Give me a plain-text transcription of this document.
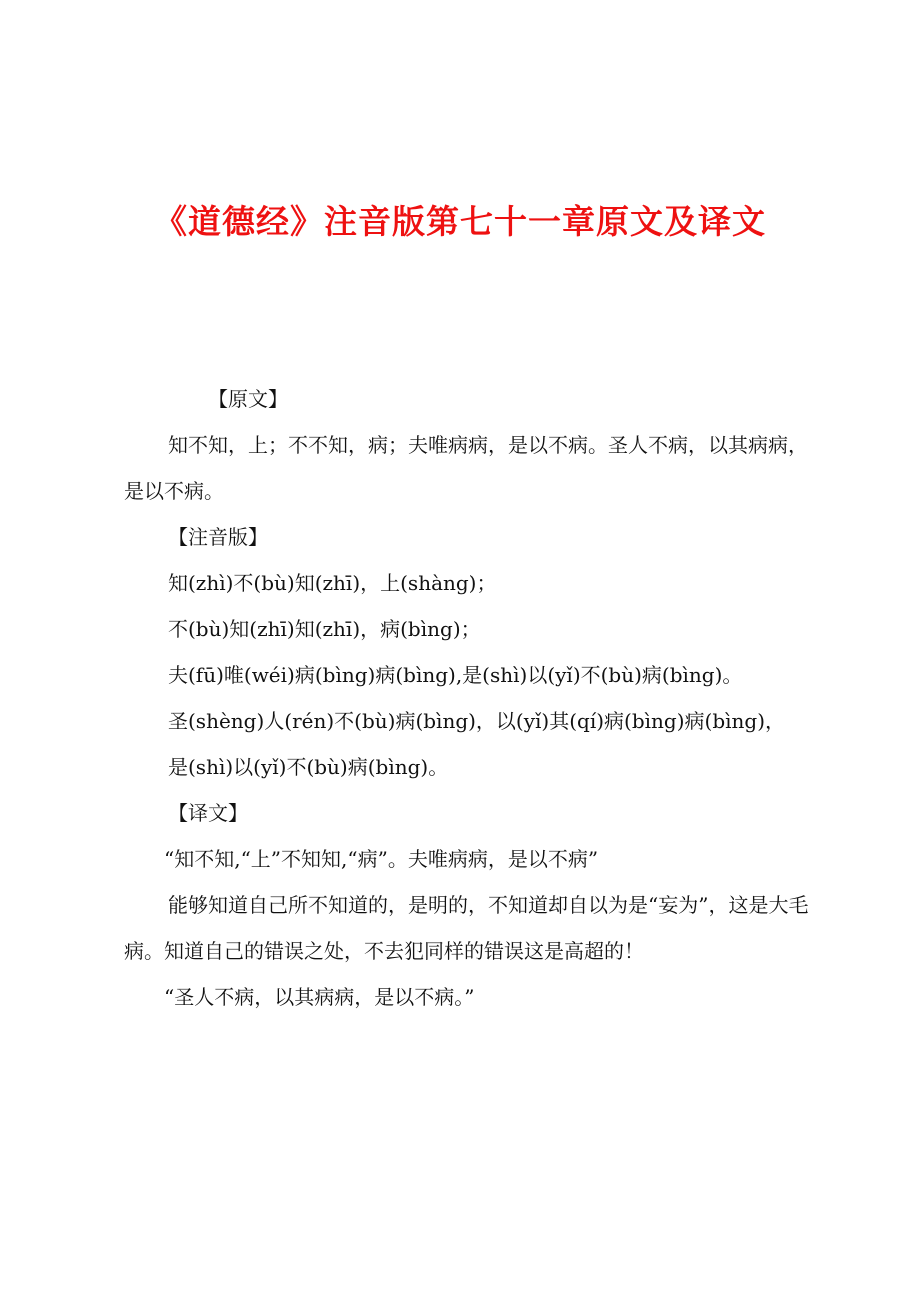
《道德经》注音版第七十一章原文及译文

【原文】

知不知，上；不不知，病；夫唯病病，是以不病。圣人不病，以其病病，是以不病。

【注音版】

知(zhì)不(bù)知(zhī)，上(shàng)；

不(bù)知(zhī)知(zhī)，病(bìng)；

夫(fū)唯(wéi)病(bìng)病(bìng),是(shì)以(yǐ)不(bù)病(bìng)。

圣(shèng)人(rén)不(bù)病(bìng)，以(yǐ)其(qí)病(bìng)病(bìng)，

是(shì)以(yǐ)不(bù)病(bìng)。

【译文】

“知不知,“上”不知知,“病”。夫唯病病，是以不病”

能够知道自己所不知道的，是明的，不知道却自以为是“妄为”，这是大毛病。知道自己的错误之处，不去犯同样的错误这是高超的！

“圣人不病，以其病病，是以不病。”
